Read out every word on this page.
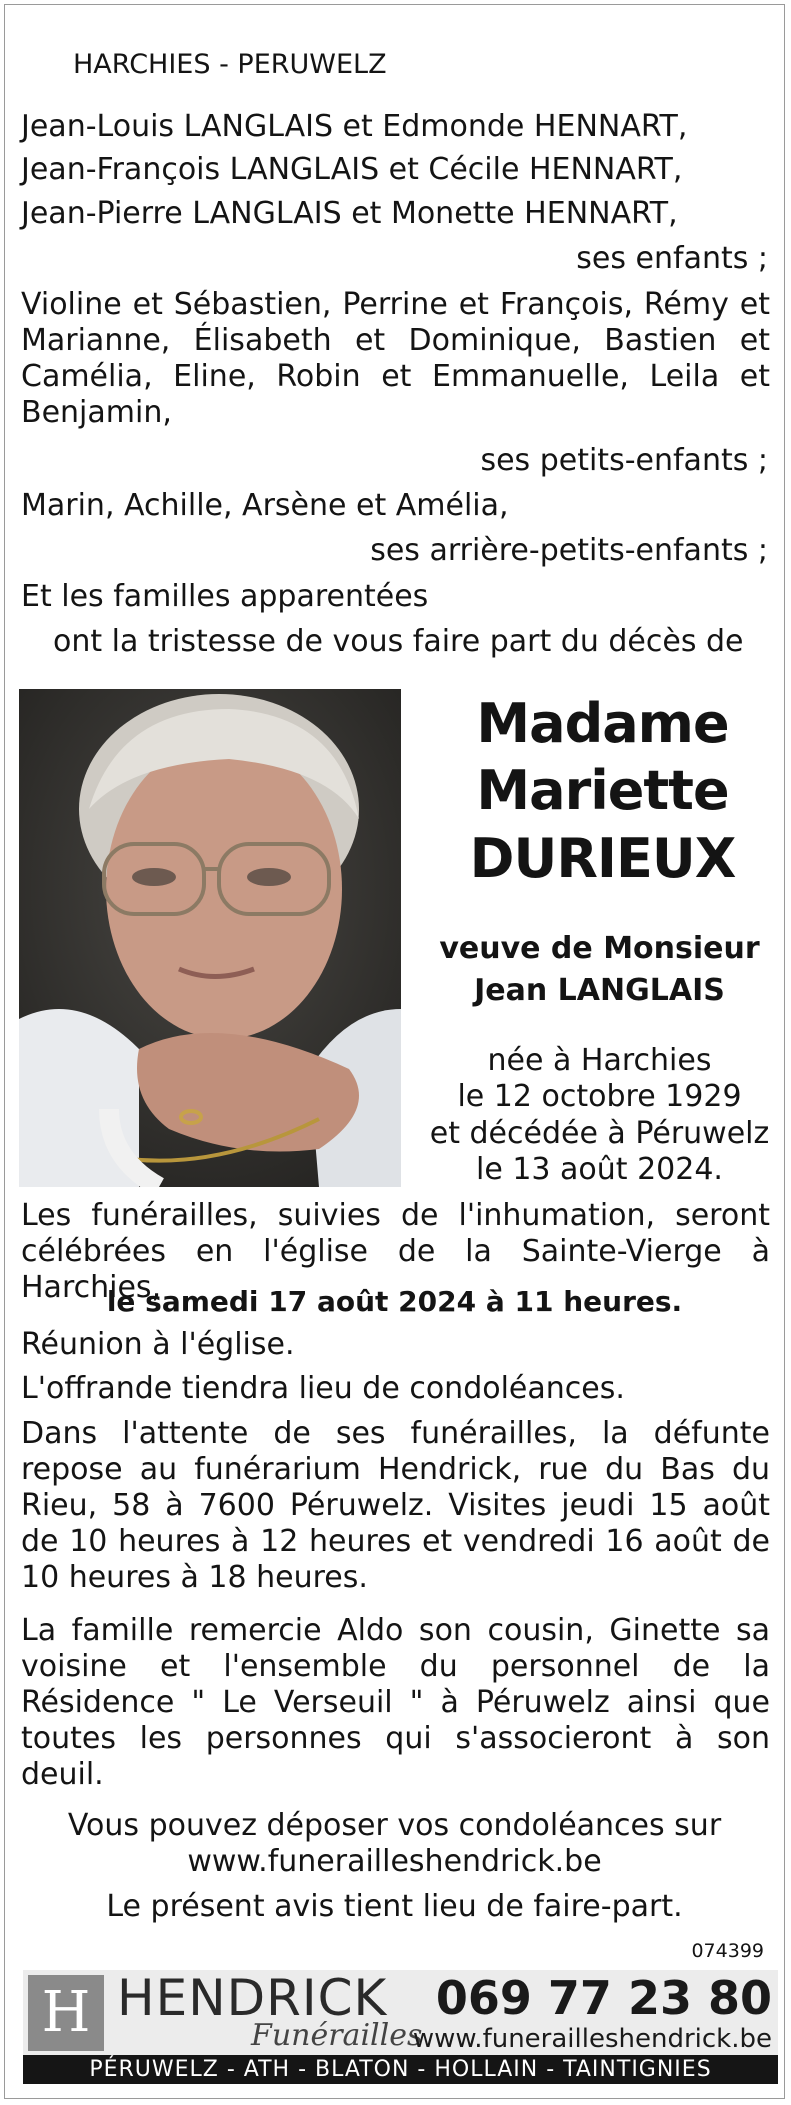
HARCHIES - PERUWELZ
Jean-Louis LANGLAIS et Edmonde HENNART,
Jean-François LANGLAIS et Cécile HENNART,
Jean-Pierre LANGLAIS et Monette HENNART,
ses enfants ;
Violine et Sébastien, Perrine et François, Rémy et Marianne, Élisabeth et Dominique, Bastien et Camélia, Eline, Robin et Emmanuelle, Leila et Benjamin,
ses petits-enfants ;
Marin, Achille, Arsène et Amélia,
ses arrière-petits-enfants ;
Et les familles apparentées
ont la tristesse de vous faire part du décès de
Madame
Mariette
DURIEUX
veuve de Monsieur
Jean LANGLAIS
née à Harchies
le 12 octobre 1929
et décédée à Péruwelz
le 13 août 2024.
Les funérailles, suivies de l'inhumation, seront célébrées en l'église de la Sainte-Vierge à Harchies,
le samedi 17 août 2024 à 11 heures.
Réunion à l'église.
L'offrande tiendra lieu de condoléances.
Dans l'attente de ses funérailles, la défunte repose au funérarium Hendrick, rue du Bas du Rieu, 58 à 7600 Péruwelz. Visites jeudi 15 août de 10 heures à 12 heures et vendredi 16 août de 10 heures à 18 heures.
La famille remercie Aldo son cousin, Ginette sa voisine et l'ensemble du personnel de la Résidence " Le Verseuil " à Péruwelz ainsi que toutes les personnes qui s'associeront à son deuil.
Vous pouvez déposer vos condoléances sur
www.funerailleshendrick.be
Le présent avis tient lieu de faire-part.
074399
H HENDRICK
Funérailles
069 77 23 80
www.funerailleshendrick.be
PÉRUWELZ - ATH - BLATON - HOLLAIN - TAINTIGNIES
